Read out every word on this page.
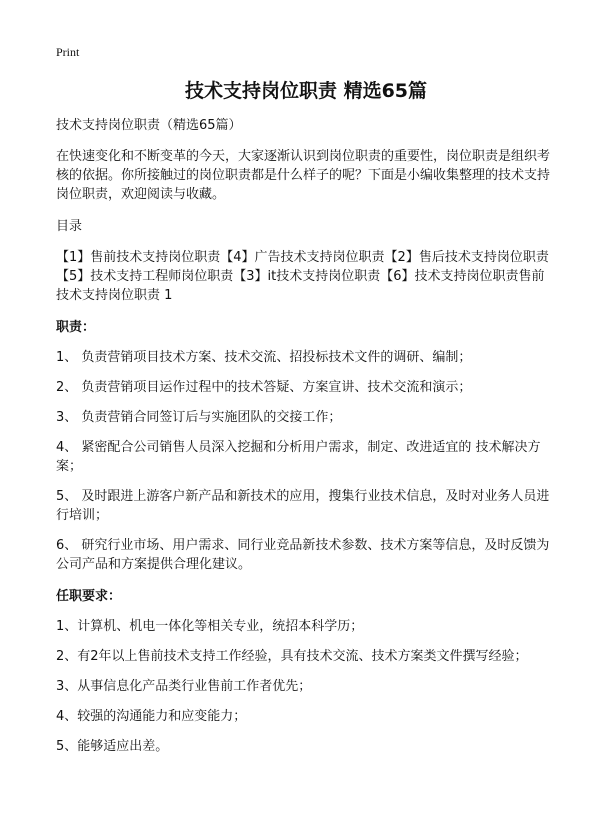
Print
技术支持岗位职责 精选65篇

技术支持岗位职责（精选65篇）

在快速变化和不断变革的今天，大家逐渐认识到岗位职责的重要性，岗位职责是组织考核的依据。你所接触过的岗位职责都是什么样子的呢？下面是小编收集整理的技术支持岗位职责，欢迎阅读与收藏。

目录

【1】售前技术支持岗位职责【4】广告技术支持岗位职责【2】售后技术支持岗位职责【5】技术支持工程师岗位职责【3】it技术支持岗位职责【6】技术支持岗位职责售前技术支持岗位职责 1

职责：

1、 负责营销项目技术方案、技术交流、招投标技术文件的调研、编制；

2、 负责营销项目运作过程中的技术答疑、方案宣讲、技术交流和演示；

3、 负责营销合同签订后与实施团队的交接工作；

4、 紧密配合公司销售人员深入挖掘和分析用户需求，制定、改进适宜的 技术解决方案；

5、 及时跟进上游客户新产品和新技术的应用，搜集行业技术信息，及时对业务人员进行培训；

6、 研究行业市场、用户需求、同行业竞品新技术参数、技术方案等信息，及时反馈为公司产品和方案提供合理化建议。

任职要求：

1、计算机、机电一体化等相关专业，统招本科学历；

2、有2年以上售前技术支持工作经验，具有技术交流、技术方案类文件撰写经验；

3、从事信息化产品类行业售前工作者优先；

4、较强的沟通能力和应变能力；

5、能够适应出差。
